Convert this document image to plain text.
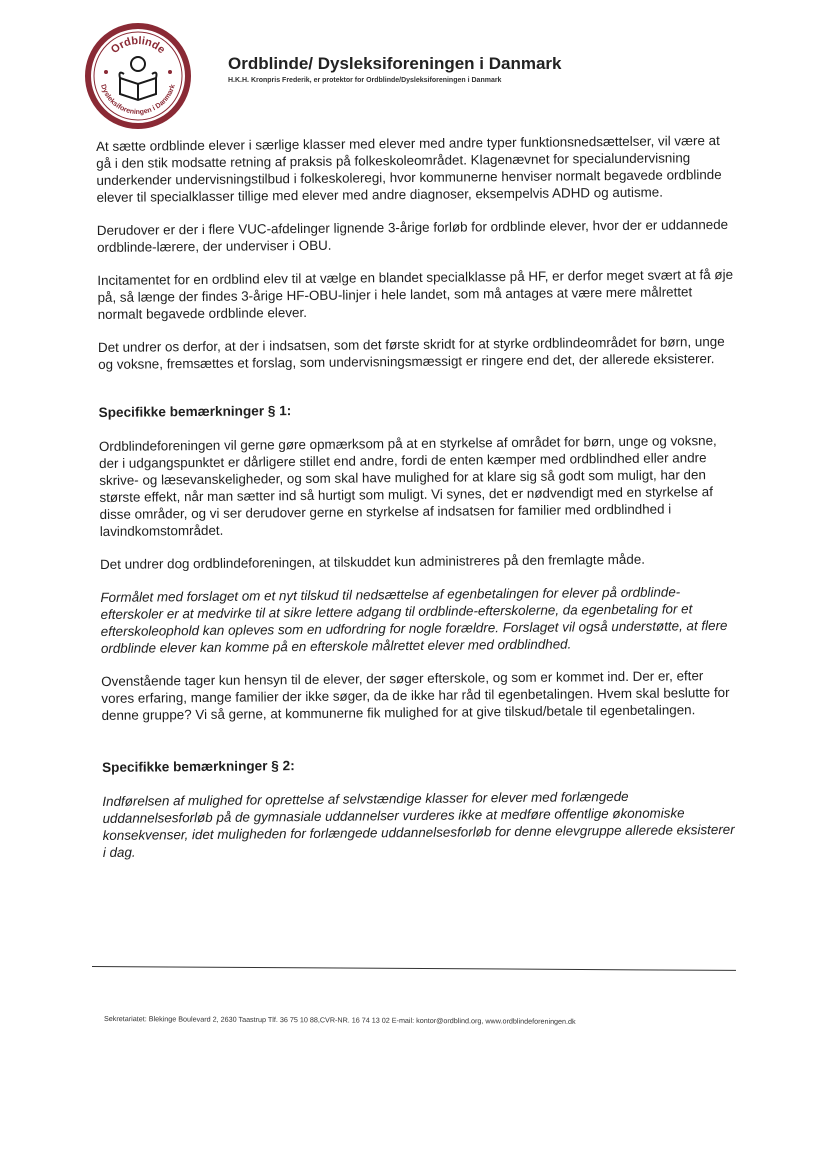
Ordblinde
Dysleksiforeningen i Danmark
Ordblinde/ Dysleksiforeningen i Danmark
H.K.H. Kronpris Frederik, er protektor for Ordblinde/Dysleksiforeningen i Danmark

At sætte ordblinde elever i særlige klasser med elever med andre typer funktionsnedsættelser, vil være at gå i den stik modsatte retning af praksis på folkeskoleområdet. Klagenævnet for specialundervisning underkender undervisningstilbud i folkeskoleregi, hvor kommunerne henviser normalt begavede ordblinde elever til specialklasser tillige med elever med andre diagnoser, eksempelvis ADHD og autisme.

Derudover er der i flere VUC-afdelinger lignende 3-årige forløb for ordblinde elever, hvor der er uddannede ordblinde-lærere, der underviser i OBU.

Incitamentet for en ordblind elev til at vælge en blandet specialklasse på HF, er derfor meget svært at få øje på, så længe der findes 3-årige HF-OBU-linjer i hele landet, som må antages at være mere målrettet normalt begavede ordblinde elever.

Det undrer os derfor, at der i indsatsen, som det første skridt for at styrke ordblindeområdet for børn, unge og voksne, fremsættes et forslag, som undervisningsmæssigt er ringere end det, der allerede eksisterer.

Specifikke bemærkninger § 1:

Ordblindeforeningen vil gerne gøre opmærksom på at en styrkelse af området for børn, unge og voksne, der i udgangspunktet er dårligere stillet end andre, fordi de enten kæmper med ordblindhed eller andre skrive- og læsevanskeligheder, og som skal have mulighed for at klare sig så godt som muligt, har den største effekt, når man sætter ind så hurtigt som muligt. Vi synes, det er nødvendigt med en styrkelse af disse områder, og vi ser derudover gerne en styrkelse af indsatsen for familier med ordblindhed i lavindkomstområdet.

Det undrer dog ordblindeforeningen, at tilskuddet kun administreres på den fremlagte måde.

Formålet med forslaget om et nyt tilskud til nedsættelse af egenbetalingen for elever på ordblinde-efterskoler er at medvirke til at sikre lettere adgang til ordblinde-efterskolerne, da egenbetaling for et efterskoleophold kan opleves som en udfordring for nogle forældre. Forslaget vil også understøtte, at flere ordblinde elever kan komme på en efterskole målrettet elever med ordblindhed.

Ovenstående tager kun hensyn til de elever, der søger efterskole, og som er kommet ind. Der er, efter vores erfaring, mange familier der ikke søger, da de ikke har råd til egenbetalingen. Hvem skal beslutte for denne gruppe? Vi så gerne, at kommunerne fik mulighed for at give tilskud/betale til egenbetalingen.

Specifikke bemærkninger § 2:

Indførelsen af mulighed for oprettelse af selvstændige klasser for elever med forlængede uddannelsesforløb på de gymnasiale uddannelser vurderes ikke at medføre offentlige økonomiske konsekvenser, idet muligheden for forlængede uddannelsesforløb for denne elevgruppe allerede eksisterer i dag.

Sekretariatet: Blekinge Boulevard 2, 2630 Taastrup Tlf. 36 75 10 88,CVR-NR. 16 74 13 02 E-mail: kontor@ordblind.org, www.ordblindeforeningen.dk
